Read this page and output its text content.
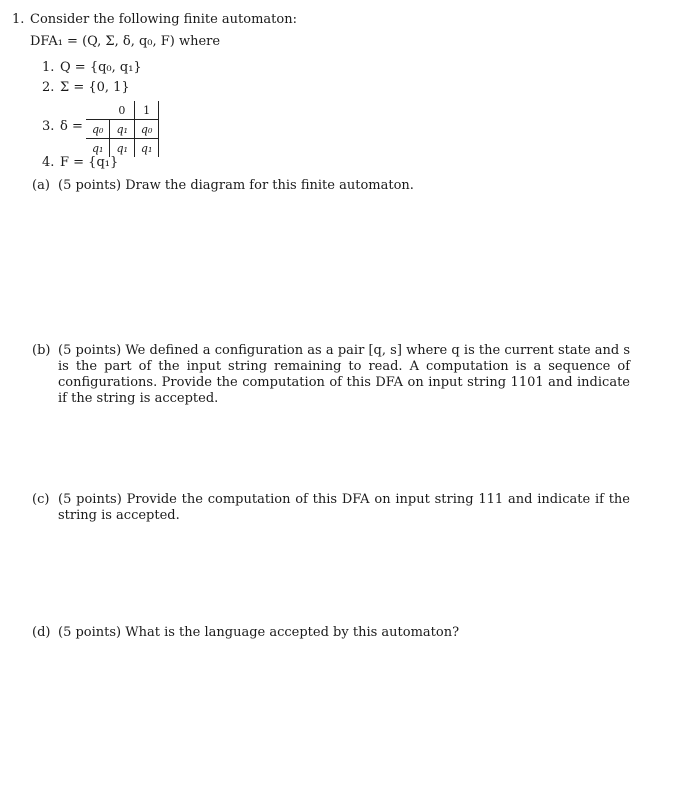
1. Consider the following finite automaton:
DFA₁ = (Q, Σ, δ, q₀, F) where
1. Q = {q₀, q₁}
2. Σ = {0, 1}
3. δ =
	0	1
q₀	q₁	q₀
q₁	q₁	q₁
4. F = {q₁}
(a) (5 points) Draw the diagram for this finite automaton.
(b) (5 points) We defined a configuration as a pair [q, s] where q is the current state and s is the part of the input string remaining to read. A computation is a sequence of configurations. Provide the computation of this DFA on input string 1101 and indicate if the string is accepted.
(c) (5 points) Provide the computation of this DFA on input string 111 and indicate if the string is accepted.
(d) (5 points) What is the language accepted by this automaton?
